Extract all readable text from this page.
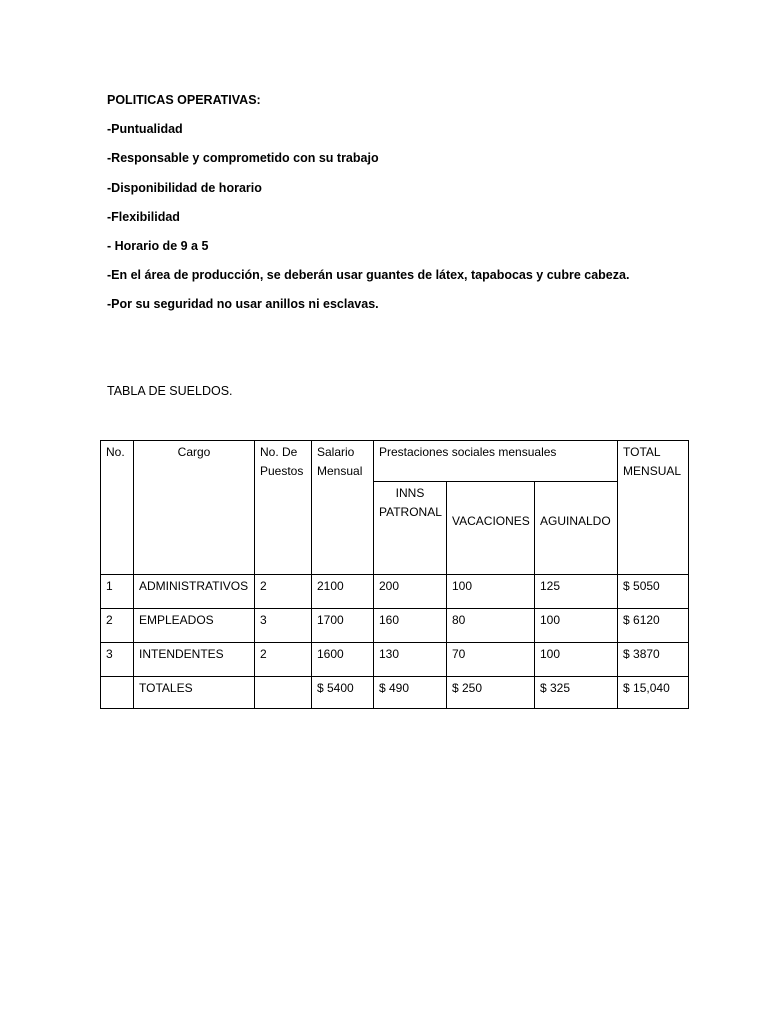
POLITICAS OPERATIVAS:
-Puntualidad
-Responsable y comprometido con su trabajo
-Disponibilidad de horario
-Flexibilidad
- Horario de 9 a 5
-En el área de producción, se deberán usar guantes de látex, tapabocas y cubre cabeza.
-Por su seguridad no usar anillos ni esclavas.
TABLA DE SUELDOS.
No.	Cargo	No. De Puestos	Salario Mensual	Prestaciones sociales mensuales			TOTAL MENSUAL
				INNS PATRONAL	VACACIONES	AGUINALDO	
1	ADMINISTRATIVOS	2	2100	200	100	125	$ 5050
2	EMPLEADOS	3	1700	160	80	100	$ 6120
3	INTENDENTES	2	1600	130	70	100	$ 3870
	TOTALES		$ 5400	$ 490	$ 250	$ 325	$ 15,040
